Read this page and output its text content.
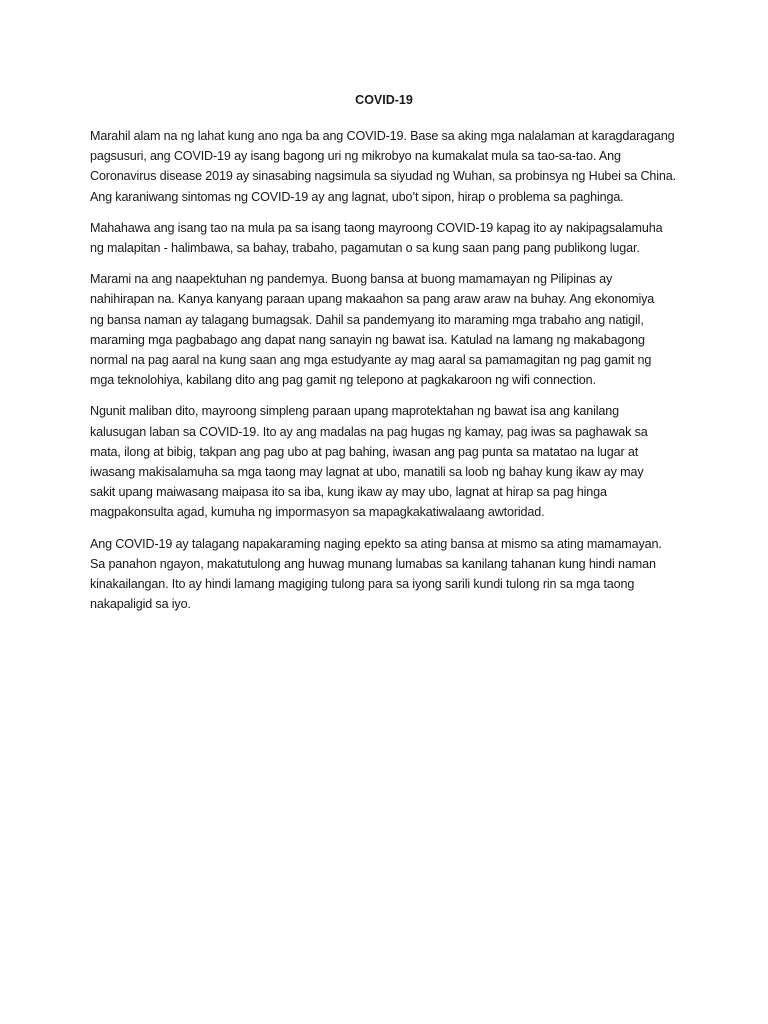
COVID-19

Marahil alam na ng lahat kung ano nga ba ang COVID-19. Base sa aking mga nalalaman at karagdaragang
pagsusuri, ang COVID-19 ay isang bagong uri ng mikrobyo na kumakalat mula sa tao-sa-tao. Ang
Coronavirus disease 2019 ay sinasabing nagsimula sa siyudad ng Wuhan, sa probinsya ng Hubei sa China.
Ang karaniwang sintomas ng COVID-19 ay ang lagnat, ubo’t sipon, hirap o problema sa paghinga.

Mahahawa ang isang tao na mula pa sa isang taong mayroong COVID-19 kapag ito ay nakipagsalamuha
ng malapitan - halimbawa, sa bahay, trabaho, pagamutan o sa kung saan pang pang publikong lugar.

Marami na ang naapektuhan ng pandemya. Buong bansa at buong mamamayan ng Pilipinas ay
nahihirapan na. Kanya kanyang paraan upang makaahon sa pang araw araw na buhay. Ang ekonomiya
ng bansa naman ay talagang bumagsak. Dahil sa pandemyang ito maraming mga trabaho ang natigil,
maraming mga pagbabago ang dapat nang sanayin ng bawat isa. Katulad na lamang ng makabagong
normal na pag aaral na kung saan ang mga estudyante ay mag aaral sa pamamagitan ng pag gamit ng
mga teknolohiya, kabilang dito ang pag gamit ng telepono at pagkakaroon ng wifi connection.

Ngunit maliban dito, mayroong simpleng paraan upang maprotektahan ng bawat isa ang kanilang
kalusugan laban sa COVID-19. Ito ay ang madalas na pag hugas ng kamay, pag iwas sa paghawak sa
mata, ilong at bibig, takpan ang pag ubo at pag bahing, iwasan ang pag punta sa matatao na lugar at
iwasang makisalamuha sa mga taong may lagnat at ubo, manatili sa loob ng bahay kung ikaw ay may
sakit upang maiwasang maipasa ito sa iba, kung ikaw ay may ubo, lagnat at hirap sa pag hinga
magpakonsulta agad, kumuha ng impormasyon sa mapagkakatiwalaang awtoridad.

Ang COVID-19 ay talagang napakaraming naging epekto sa ating bansa at mismo sa ating mamamayan.
Sa panahon ngayon, makatutulong ang huwag munang lumabas sa kanilang tahanan kung hindi naman
kinakailangan. Ito ay hindi lamang magiging tulong para sa iyong sarili kundi tulong rin sa mga taong
nakapaligid sa iyo.
